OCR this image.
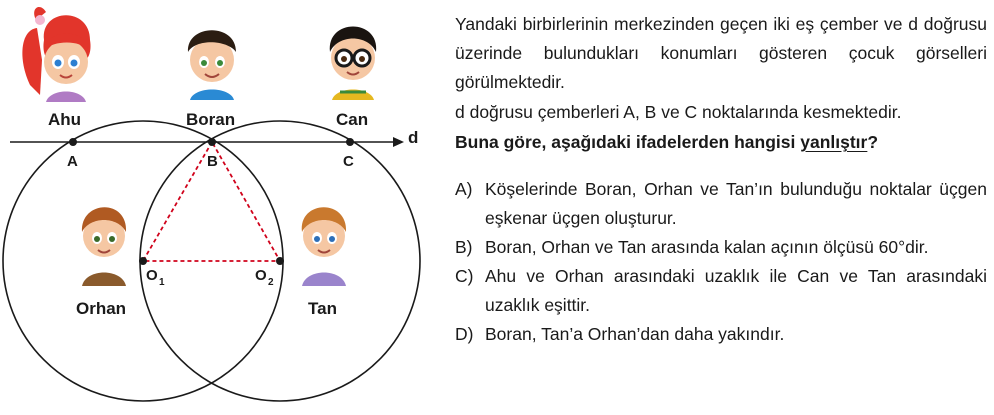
d
A	B	C
O 1	O 2
Ahu	Boran	Can
Orhan	Tan

Yandaki birbirlerinin merkezinden geçen iki eş çember ve d doğrusu üzerinde bulundukları konumları gösteren çocuk görselleri görülmektedir.

d doğrusu çemberleri A, B ve C noktalarında kesmektedir.

Buna göre, aşağıdaki ifadelerden hangisi yanlıştır?

A) Köşelerinde Boran, Orhan ve Tan’ın bulunduğu noktalar üçgen eşkenar üçgen oluşturur.
B) Boran, Orhan ve Tan arasında kalan açının ölçüsü 60°dir.
C) Ahu ve Orhan arasındaki uzaklık ile Can ve Tan arasındaki uzaklık eşittir.
D) Boran, Tan’a Orhan’dan daha yakındır.
